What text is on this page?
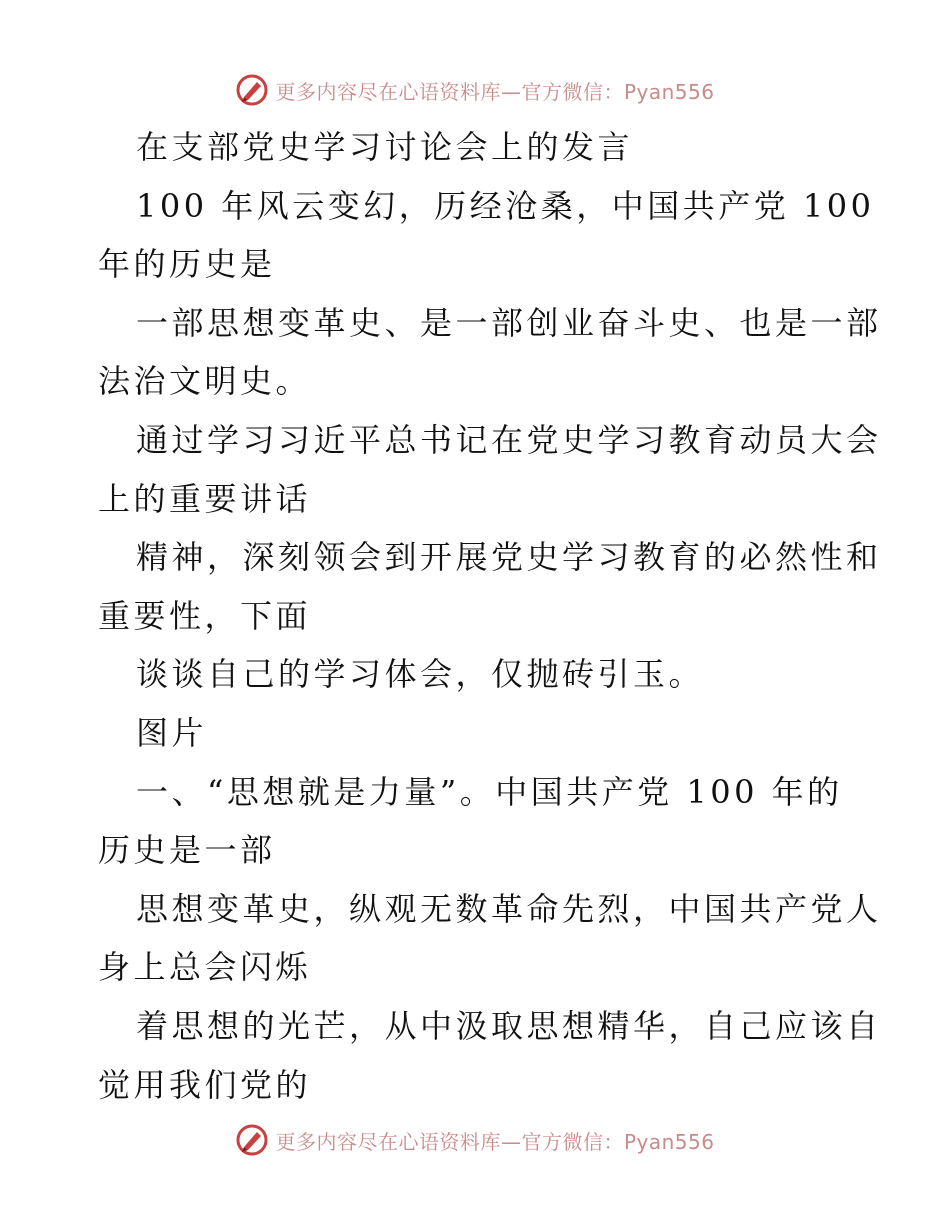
更多内容尽在心语资料库—官方微信：Pyan556
在支部党史学习讨论会上的发言
100 年风云变幻，历经沧桑，中国共产党 100
年的历史是
一部思想变革史、是一部创业奋斗史、也是一部
法治文明史。
通过学习习近平总书记在党史学习教育动员大会
上的重要讲话
精神，深刻领会到开展党史学习教育的必然性和
重要性，下面
谈谈自己的学习体会，仅抛砖引玉。
图片
一、“思想就是力量”。中国共产党 100 年的
历史是一部
思想变革史，纵观无数革命先烈，中国共产党人
身上总会闪烁
着思想的光芒，从中汲取思想精华，自己应该自
觉用我们党的
更多内容尽在心语资料库—官方微信：Pyan556
